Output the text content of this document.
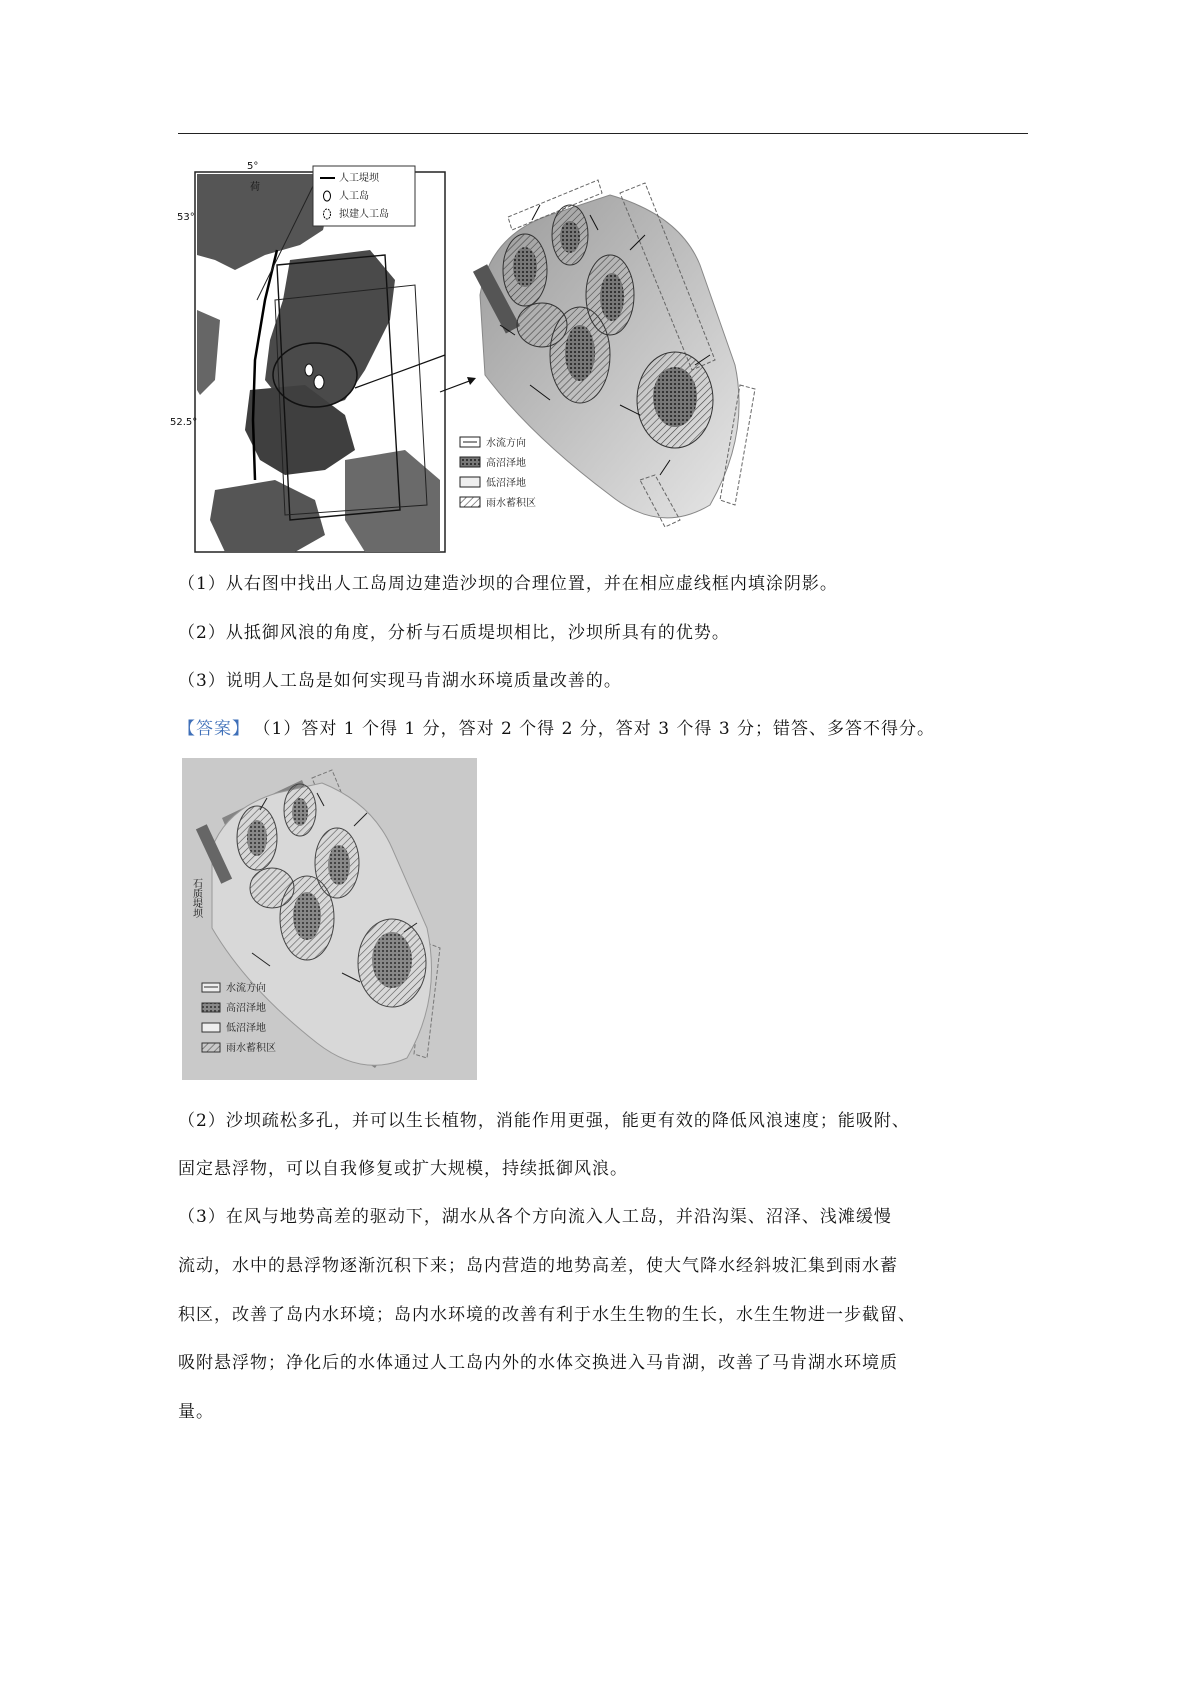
人工堤坝
人工岛
拟建人工岛
53°
52.5°
5°
荷
水流方向
高沼泽地
低沼泽地
雨水蓄积区
（1）从右图中找出人工岛周边建造沙坝的合理位置，并在相应虚线框内填涂阴影。
（2）从抵御风浪的角度，分析与石质堤坝相比，沙坝所具有的优势。
（3）说明人工岛是如何实现马肯湖水环境质量改善的。
【答案】 （1）答对 1 个得 1 分，答对 2 个得 2 分，答对 3 个得 3 分；错答、多答不得分。
石质堤坝
水流方向
高沼泽地
低沼泽地
雨水蓄积区
（2）沙坝疏松多孔，并可以生长植物，消能作用更强，能更有效的降低风浪速度；能吸附、
固定悬浮物，可以自我修复或扩大规模，持续抵御风浪。
（3）在风与地势高差的驱动下，湖水从各个方向流入人工岛，并沿沟渠、沼泽、浅滩缓慢
流动，水中的悬浮物逐渐沉积下来；岛内营造的地势高差，使大气降水经斜坡汇集到雨水蓄
积区，改善了岛内水环境；岛内水环境的改善有利于水生生物的生长，水生生物进一步截留、
吸附悬浮物；净化后的水体通过人工岛内外的水体交换进入马肯湖，改善了马肯湖水环境质
量。
